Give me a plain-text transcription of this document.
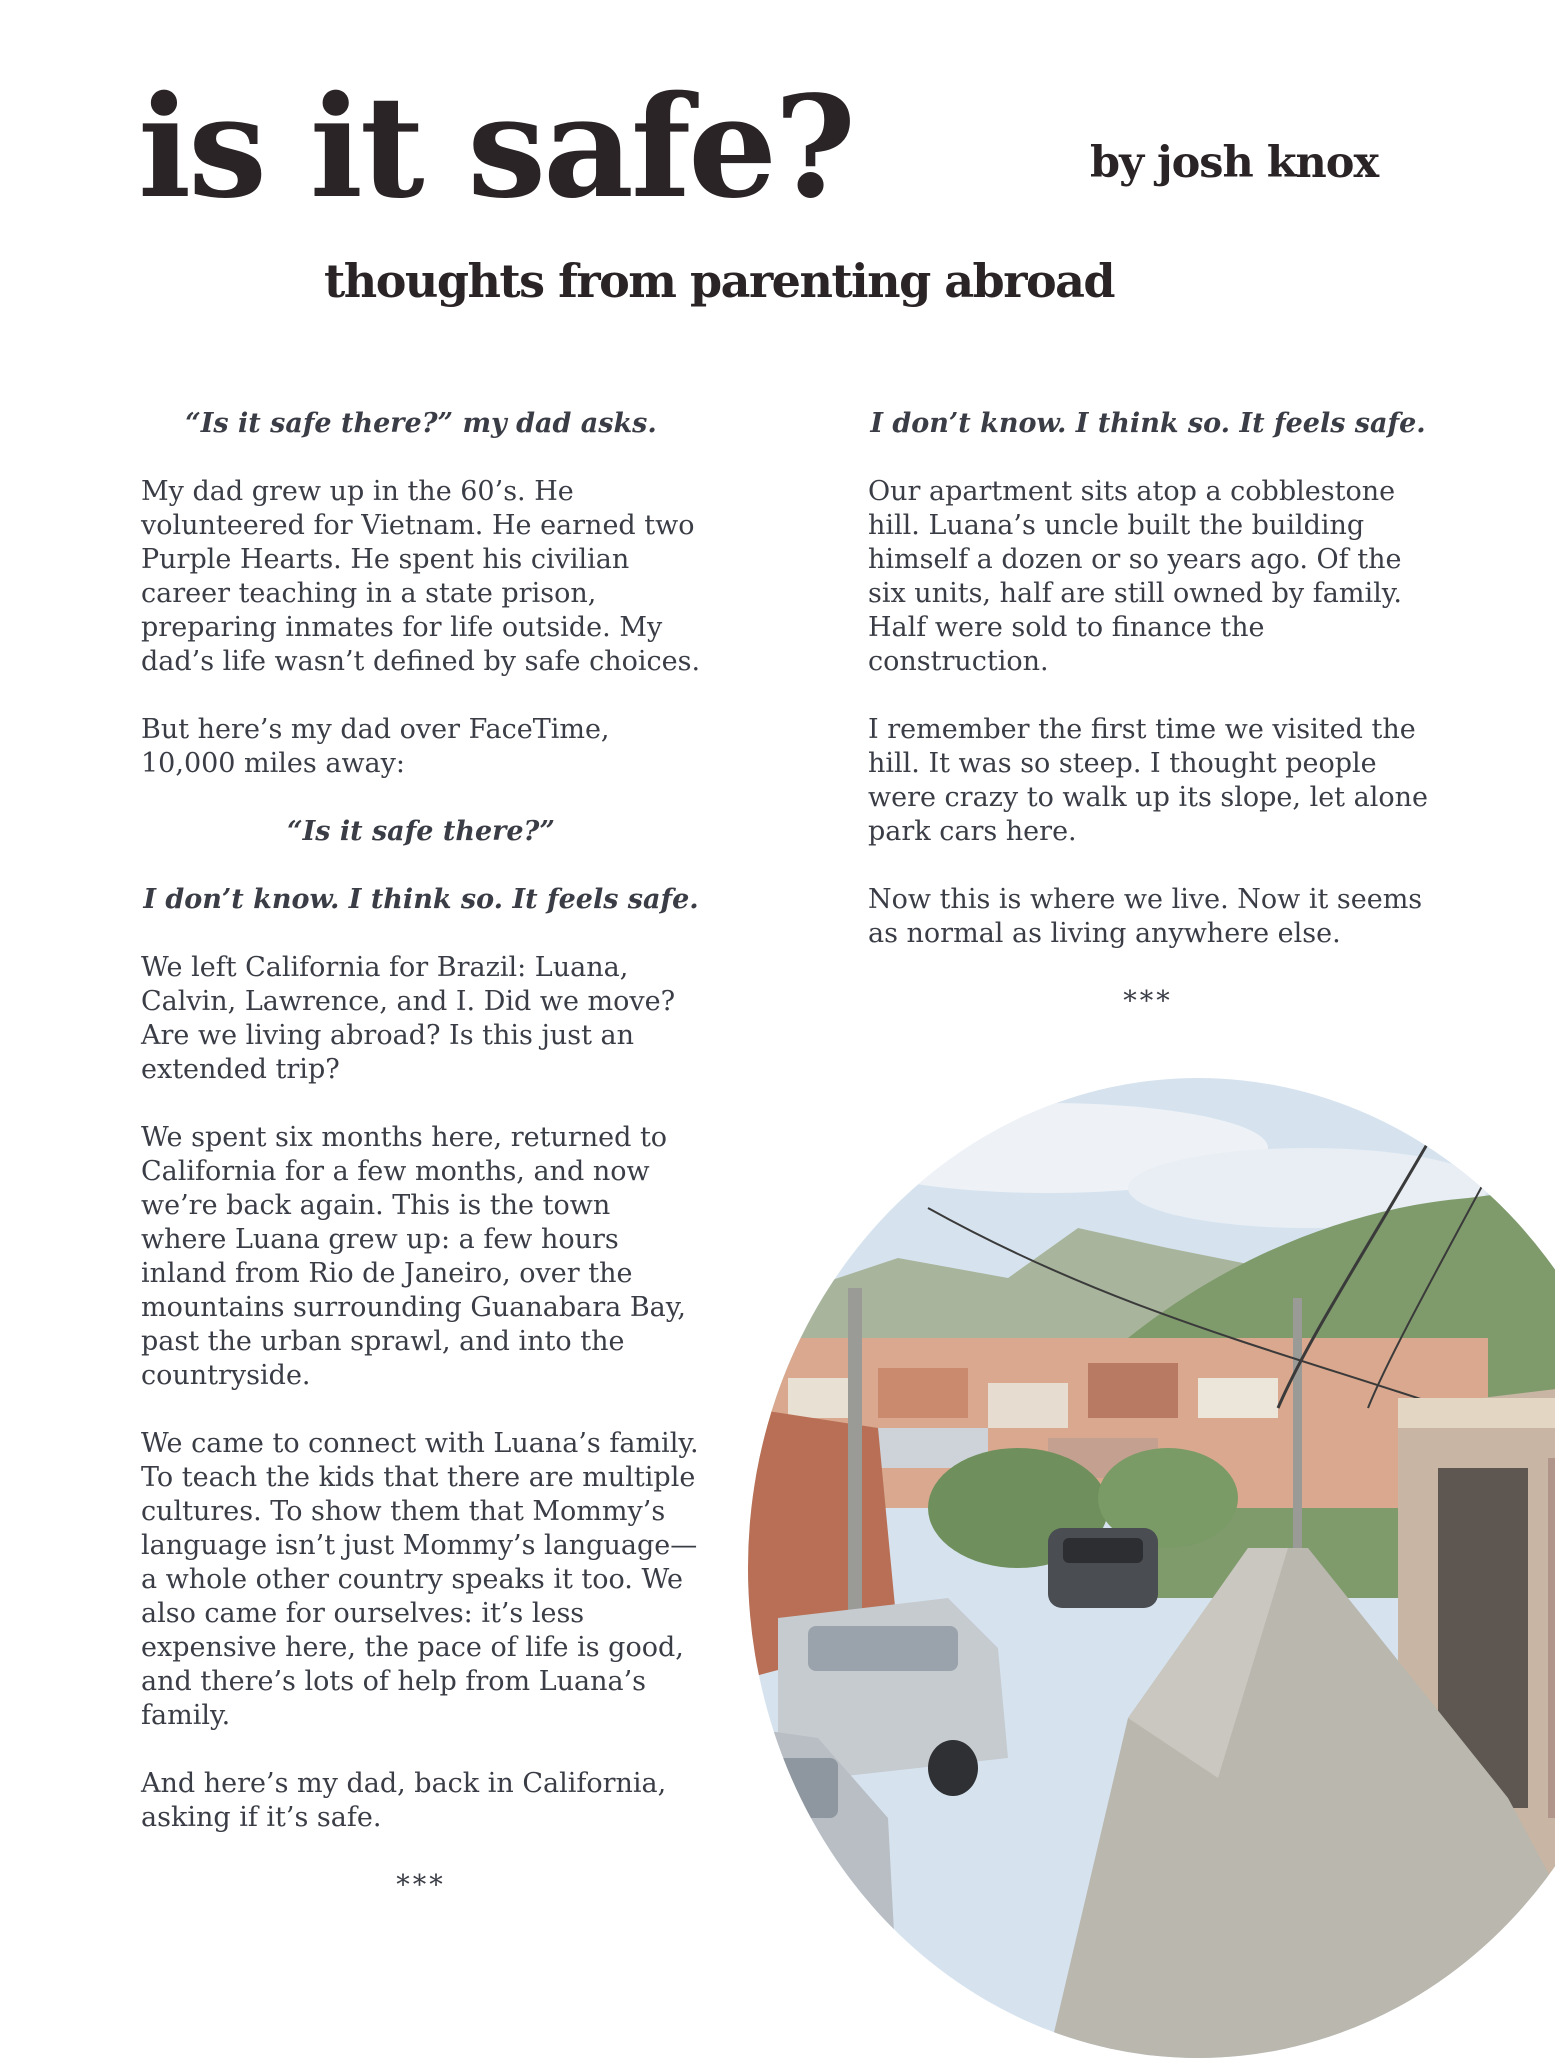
is it safe?	by josh knox
thoughts from parenting abroad

“Is it safe there?” my dad asks.

My dad grew up in the 60’s. He volunteered for Vietnam. He earned two Purple Hearts. He spent his civilian career teaching in a state prison, preparing inmates for life outside. My dad’s life wasn’t defined by safe choices.

But here’s my dad over FaceTime, 10,000 miles away:

“Is it safe there?”

I don’t know. I think so. It feels safe.

We left California for Brazil: Luana, Calvin, Lawrence, and I. Did we move? Are we living abroad? Is this just an extended trip?

We spent six months here, returned to California for a few months, and now we’re back again. This is the town where Luana grew up: a few hours inland from Rio de Janeiro, over the mountains surrounding Guanabara Bay, past the urban sprawl, and into the countryside.

We came to connect with Luana’s family. To teach the kids that there are multiple cultures. To show them that Mommy’s language isn’t just Mommy’s language—a whole other country speaks it too. We also came for ourselves: it’s less expensive here, the pace of life is good, and there’s lots of help from Luana’s family.

And here’s my dad, back in California, asking if it’s safe.

***

I don’t know. I think so. It feels safe.

Our apartment sits atop a cobblestone hill. Luana’s uncle built the building himself a dozen or so years ago. Of the six units, half are still owned by family. Half were sold to finance the construction.

I remember the first time we visited the hill. It was so steep. I thought people were crazy to walk up its slope, let alone park cars here.

Now this is where we live. Now it seems as normal as living anywhere else.

***
